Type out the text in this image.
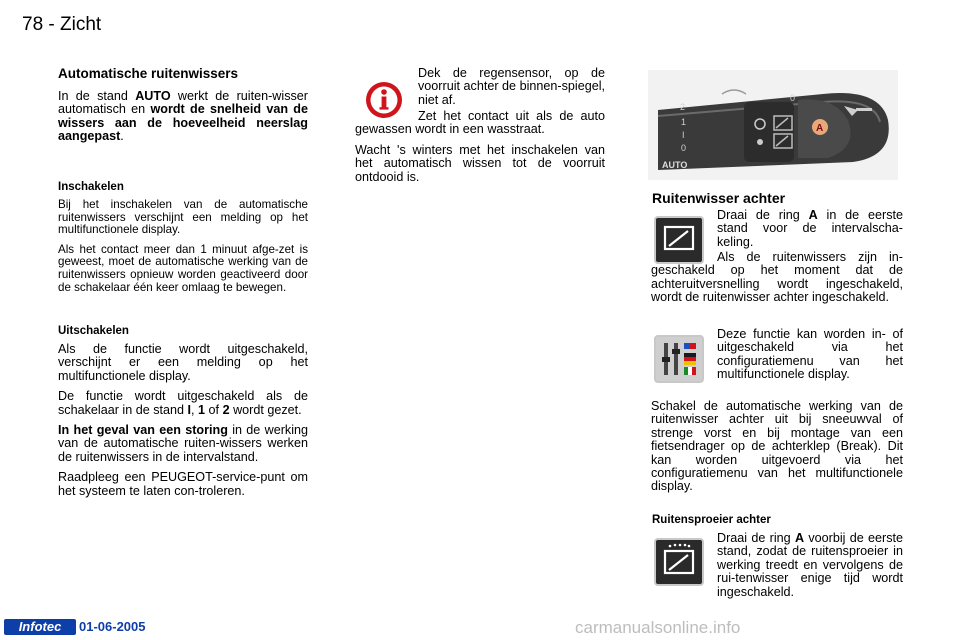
78 - Zicht
Automatische ruitenwissers

In de stand AUTO werkt de ruiten-wisser automatisch en wordt de snelheid van de wissers aan de hoeveelheid neerslag aangepast.

Inschakelen

Bij het inschakelen van de automatische ruitenwissers verschijnt een melding op het multifunctionele display.

Als het contact meer dan 1 minuut afge-zet is geweest, moet de automatische werking van de ruitenwissers opnieuw worden geactiveerd door de schakelaar één keer omlaag te bewegen.

Uitschakelen

Als de functie wordt uitgeschakeld, verschijnt er een melding op het multifunctionele display.

De functie wordt uitgeschakeld als de schakelaar in de stand I, 1 of 2 wordt gezet.

In het geval van een storing in de werking van de automatische ruiten-wissers werken de ruitenwissers in de intervalstand.

Raadpleeg een PEUGEOT-service-punt om het systeem te laten con-troleren.

Dek de regensensor, op de voorruit achter de binnen-spiegel, niet af.

Zet het contact uit als de auto gewassen wordt in een wasstraat.

Wacht 's winters met het inschakelen van het automatisch wissen tot de voorruit ontdooid is.

0
A
2
1
I
0
AUTO
Ruitenwisser achter

Draai de ring A in de eerste stand voor de intervalscha-keling.

Als de ruitenwissers zijn in-geschakeld op het moment dat de achteruitversnelling wordt ingeschakeld, wordt de ruitenwisser achter ingeschakeld.

Deze functie kan worden in- of uitgeschakeld via het configuratiemenu van het multifunctionele display.

Schakel de automatische werking van de ruitenwisser achter uit bij sneeuwval of strenge vorst en bij montage van een fietsendrager op de achterklep (Break). Dit kan worden uitgevoerd via het configuratiemenu van het multifunctionele display.

Ruitensproeier achter

Draai de ring A voorbij de eerste stand, zodat de ruitensproeier in werking treedt en vervolgens de rui-tenwisser enige tijd wordt ingeschakeld.

Infotec	01-06-2005	carmanualsonline.info
